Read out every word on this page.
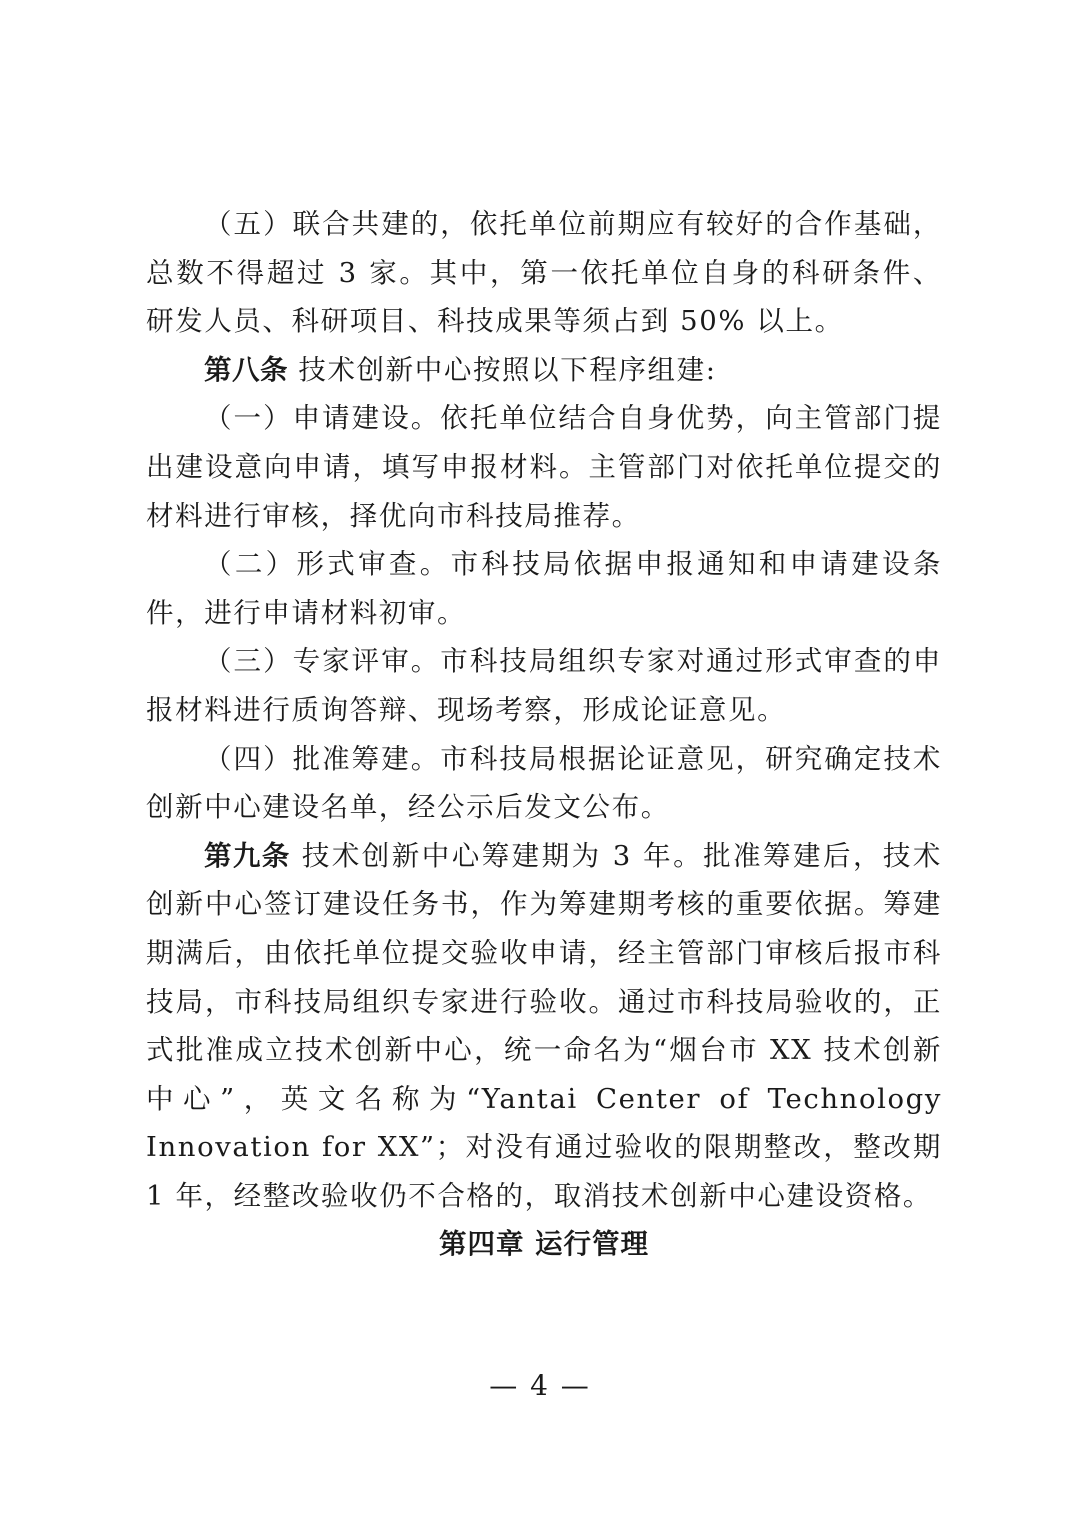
（五）联合共建的，依托单位前期应有较好的合作基础，总数不得超过 3 家。其中，第一依托单位自身的科研条件、研发人员、科研项目、科技成果等须占到 50% 以上。

第八条 技术创新中心按照以下程序组建:

（一）申请建设。依托单位结合自身优势，向主管部门提出建设意向申请，填写申报材料。主管部门对依托单位提交的材料进行审核，择优向市科技局推荐。

（二）形式审查。市科技局依据申报通知和申请建设条件，进行申请材料初审。

（三）专家评审。市科技局组织专家对通过形式审查的申报材料进行质询答辩、现场考察，形成论证意见。

（四）批准筹建。市科技局根据论证意见，研究确定技术创新中心建设名单，经公示后发文公布。

第九条 技术创新中心筹建期为 3 年。批准筹建后，技术创新中心签订建设任务书，作为筹建期考核的重要依据。筹建期满后，由依托单位提交验收申请，经主管部门审核后报市科技局，市科技局组织专家进行验收。通过市科技局验收的，正式批准成立技术创新中心，统一命名为“烟台市 XX 技术创新中心”，英文名称为“Yantai Center of Technology Innovation for XX”；对没有通过验收的限期整改，整改期 1 年，经整改验收仍不合格的，取消技术创新中心建设资格。

第四章 运行管理

— 4 —
